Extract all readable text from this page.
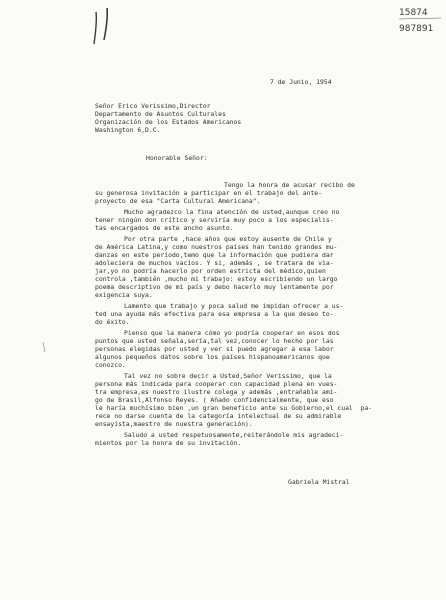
15874
987891
7 de Junio, 1954
Señor Erico Verissimo,Director
Departamento de Asuntos Culturales
Organización de los Estados Americanos
Washington 6,D.C.
Honorable Señor:
Tengo la honra de acusar recibo de
su generosa invitación a participar en el trabajo del ante-
proyecto de esa "Carta Cultural Americana".
Mucho agradezco la fina atención de usted,aunque creo no
tener ningún don crítico y serviría muy poco a los especialis-
tas encargados de este ancho asunto.
Por otra parte ,hace años que estoy ausente de Chile y
de América Latina,y como nuestros países han tenido grandes mu-
danzas en este período,temo que la información que pudiera dar
adoleciera de muchos vacíos. Y si, además , se tratara de via-
jar,yo no podría hacerlo por orden estricta del médico,quien
controla ,también ,mucho mi trabajo: estoy escribiendo un largo
poema descriptivo de mi país y debo hacerlo muy lentamente por
exigencia suya.
Lamento que trabajo y poca salud me impidan ofrecer a us-
ted una ayuda más efectiva para esa empresa a la que deseo to-
do éxito.
Pienso que la manera cómo yo podría cooperar en esos dos
puntos que usted señala,sería,tal vez,conocer lo hecho por las
personas elegidas por usted y ver si puedo agregar a esa labor
algunos pequeños datos sobre los países hispanoamericanos que
conozco.
Tal vez no sobre decir a Usted,Señor Verissimo, que la
persona más indicada para cooperar con capacidad plena en vues-
tra empresa,es nuestro ilustre colega y además ,entrañable ami-
go de Brasil,Alfonso Reyes. ( Añado confidencialmente, que eso
le haría muchísimo bien ,un gran beneficio ante su Gobierno,el cual  pa-
rece no darse cuenta de la categoría intelectual de su admirable
ensayista,maestro de nuestra generación).
Saludo a usted respetuosamente,reiterándole mis agradeci-
mientos por la honra de su invitación.
Gabriela Mistral
